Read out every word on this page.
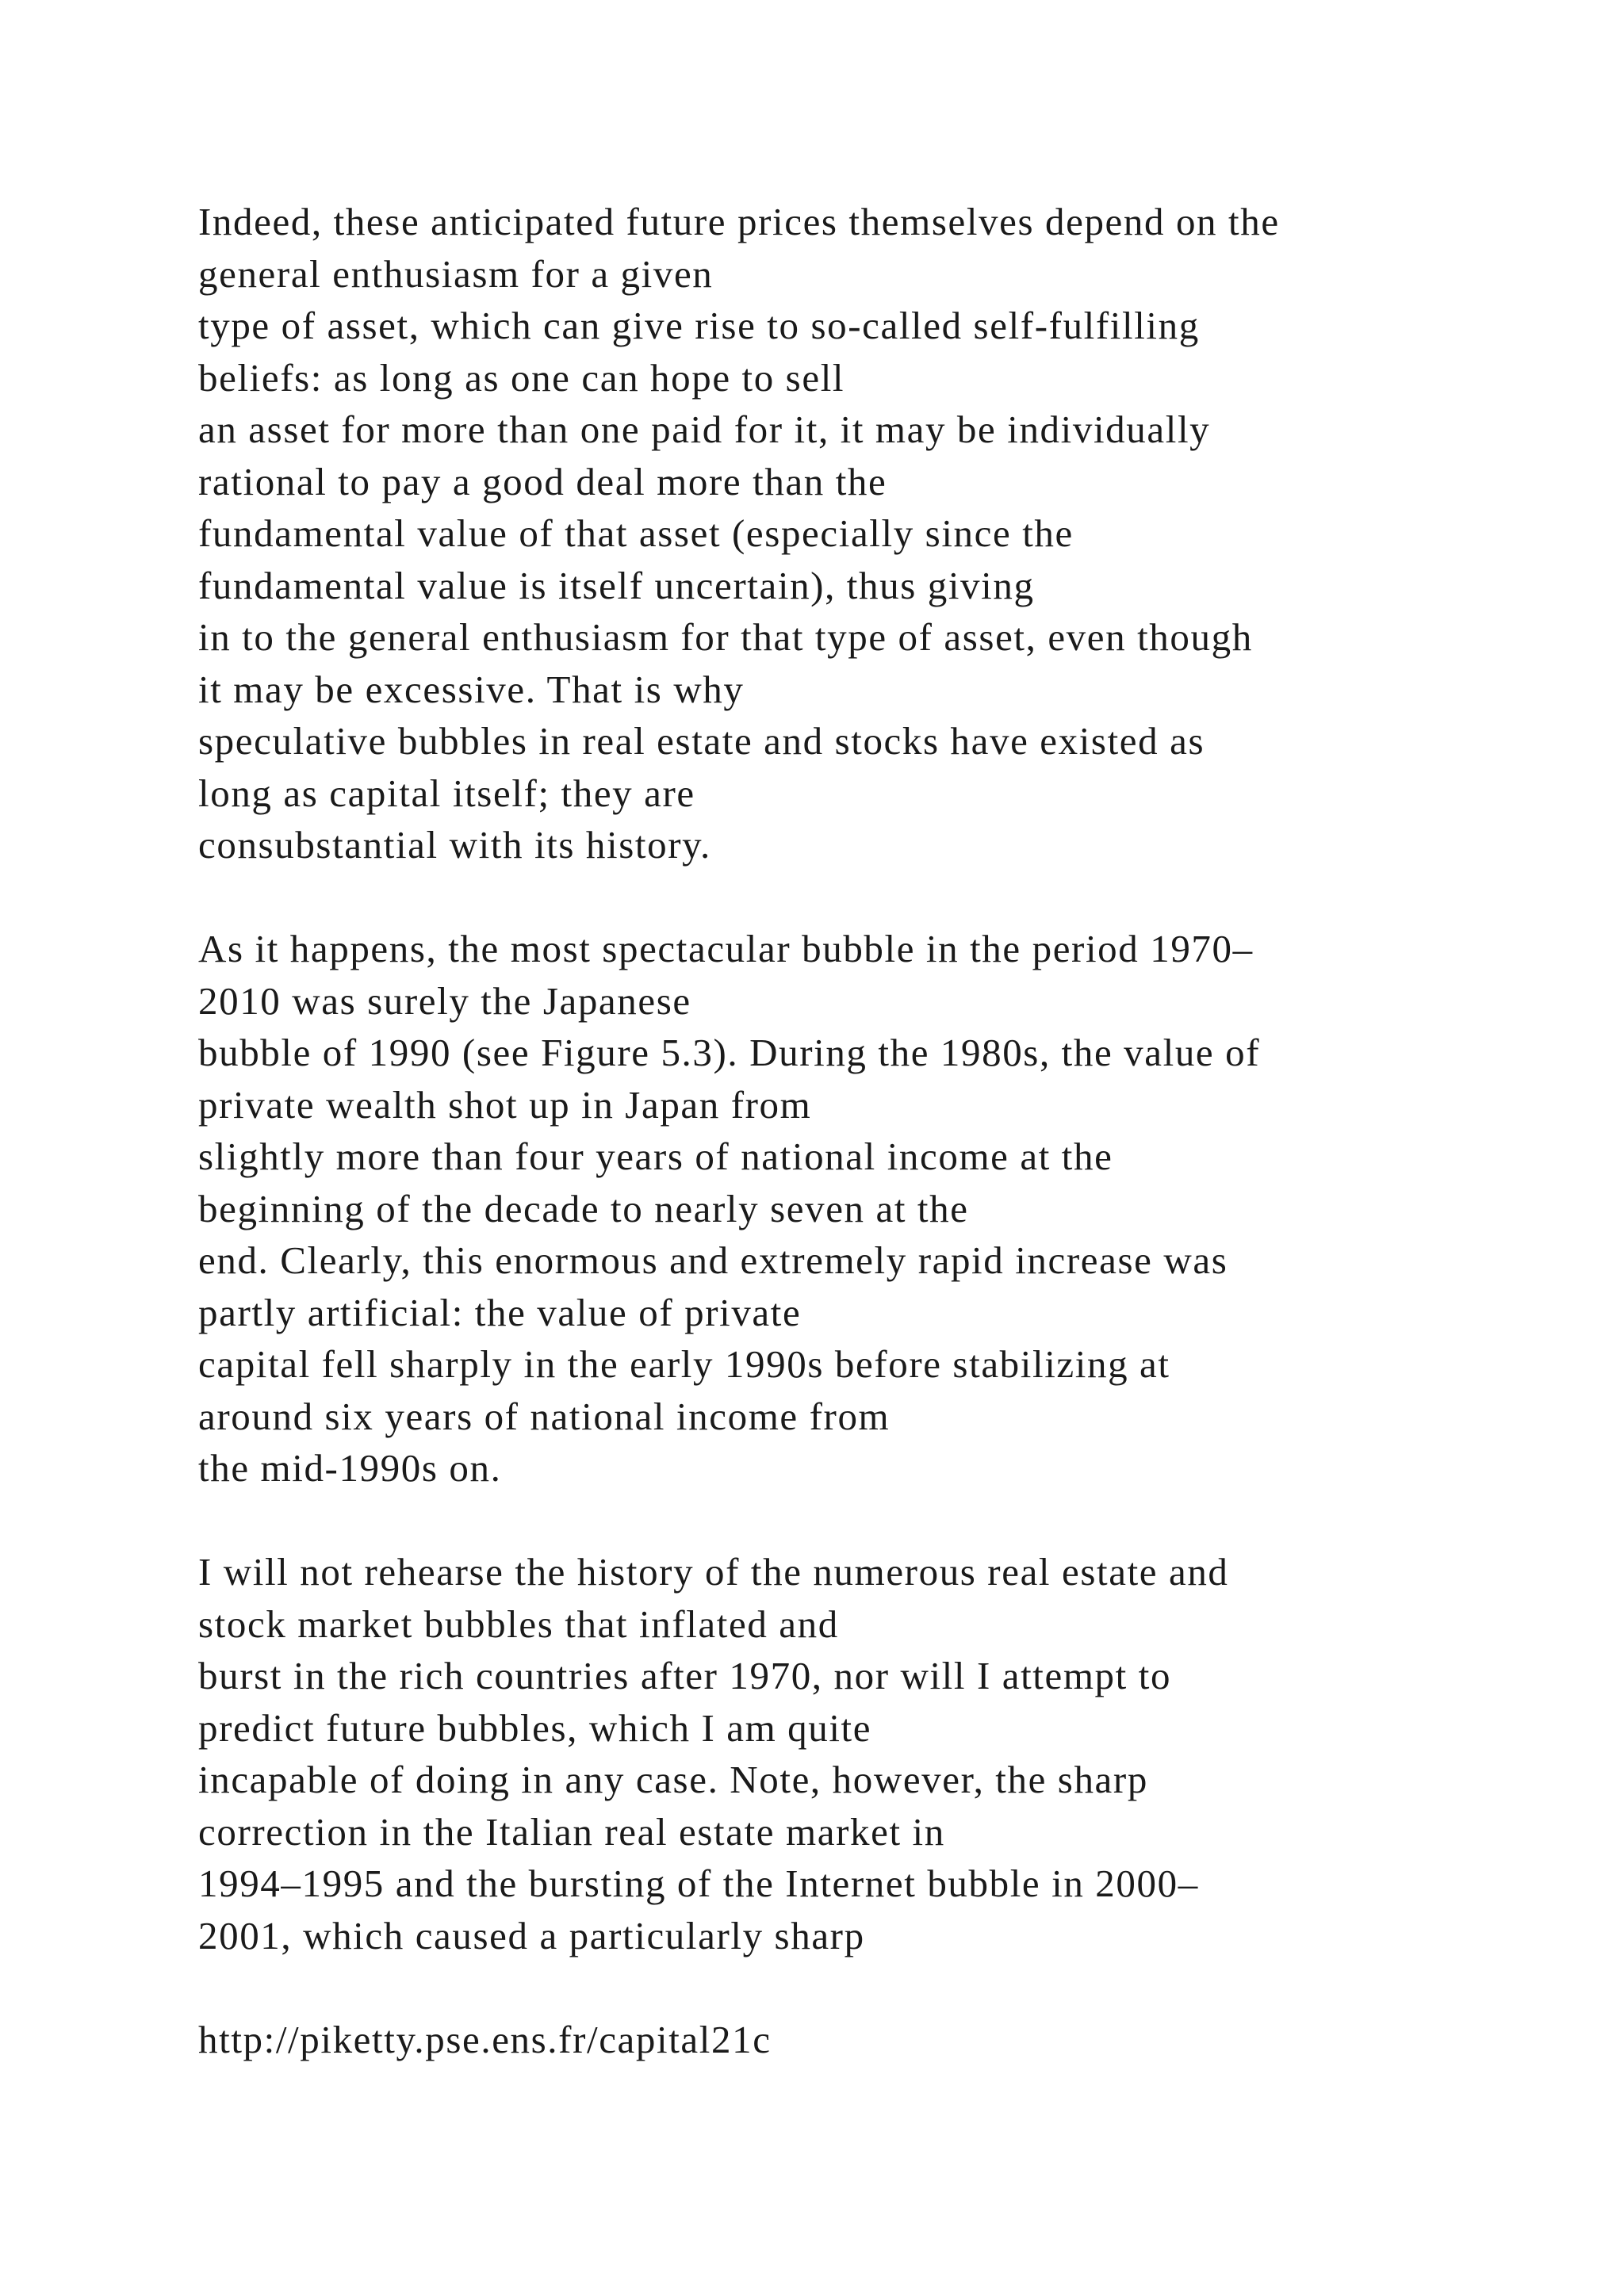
Indeed, these anticipated future prices themselves depend on the
general enthusiasm for a given
type of asset, which can give rise to so-called self-fulfilling
beliefs: as long as one can hope to sell
an asset for more than one paid for it, it may be individually
rational to pay a good deal more than the
fundamental value of that asset (especially since the
fundamental value is itself uncertain), thus giving
in to the general enthusiasm for that type of asset, even though
it may be excessive. That is why
speculative bubbles in real estate and stocks have existed as
long as capital itself; they are
consubstantial with its history.
As it happens, the most spectacular bubble in the period 1970–
2010 was surely the Japanese
bubble of 1990 (see Figure 5.3). During the 1980s, the value of
private wealth shot up in Japan from
slightly more than four years of national income at the
beginning of the decade to nearly seven at the
end. Clearly, this enormous and extremely rapid increase was
partly artificial: the value of private
capital fell sharply in the early 1990s before stabilizing at
around six years of national income from
the mid-1990s on.
I will not rehearse the history of the numerous real estate and
stock market bubbles that inflated and
burst in the rich countries after 1970, nor will I attempt to
predict future bubbles, which I am quite
incapable of doing in any case. Note, however, the sharp
correction in the Italian real estate market in
1994–1995 and the bursting of the Internet bubble in 2000–
2001, which caused a particularly sharp
http://piketty.pse.ens.fr/capital21c
